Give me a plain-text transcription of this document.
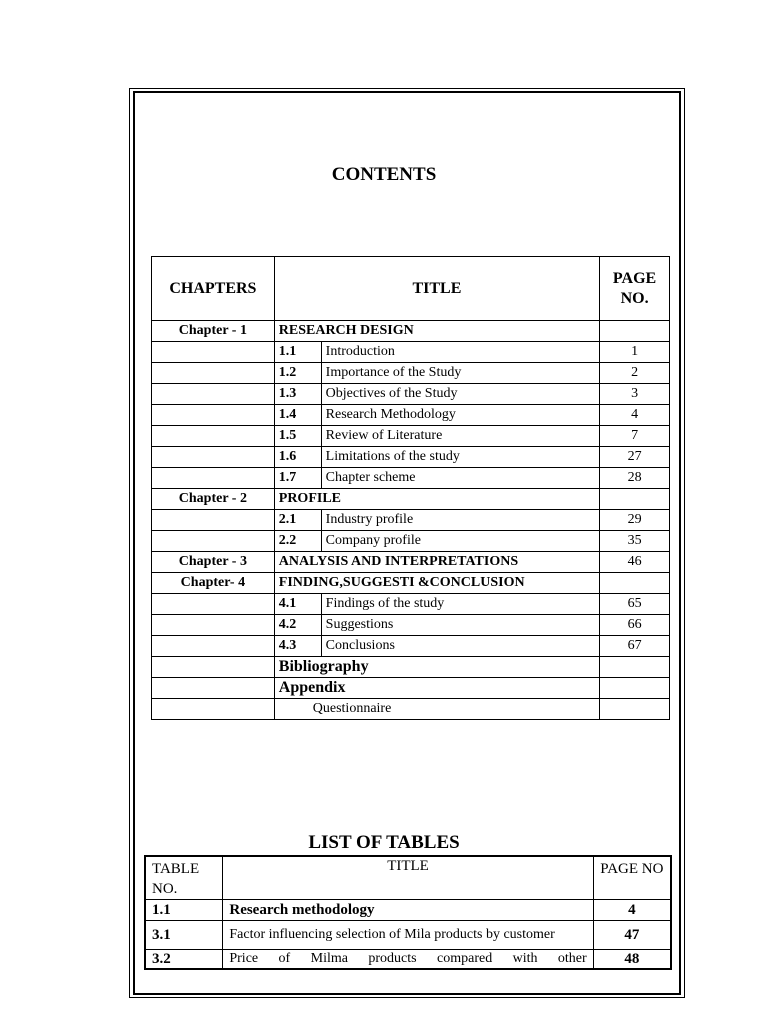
CONTENTS
CHAPTERS	TITLE		PAGE NO.
Chapter - 1	RESEARCH DESIGN		
	1.1	Introduction	1
	1.2	Importance of the Study	2
	1.3	Objectives of the Study	3
	1.4	Research Methodology	4
	1.5	Review of Literature	7
	1.6	Limitations of the study	27
	1.7	Chapter scheme	28
Chapter - 2	PROFILE		
	2.1	Industry profile	29
	2.2	Company profile	35
Chapter - 3	ANALYSIS AND INTERPRETATIONS		46
Chapter- 4	FINDING,SUGGESTI &CONCLUSION		
	4.1	Findings of the study	65
	4.2	Suggestions	66
	4.3	Conclusions	67
	Bibliography		
	Appendix		
	Questionnaire		
LIST OF TABLES
TABLE NO.	TITLE	PAGE NO
1.1	Research methodology	4
3.1	Factor influencing selection of Mila products by customer	47
3.2	Price of Milma products compared with other	48
